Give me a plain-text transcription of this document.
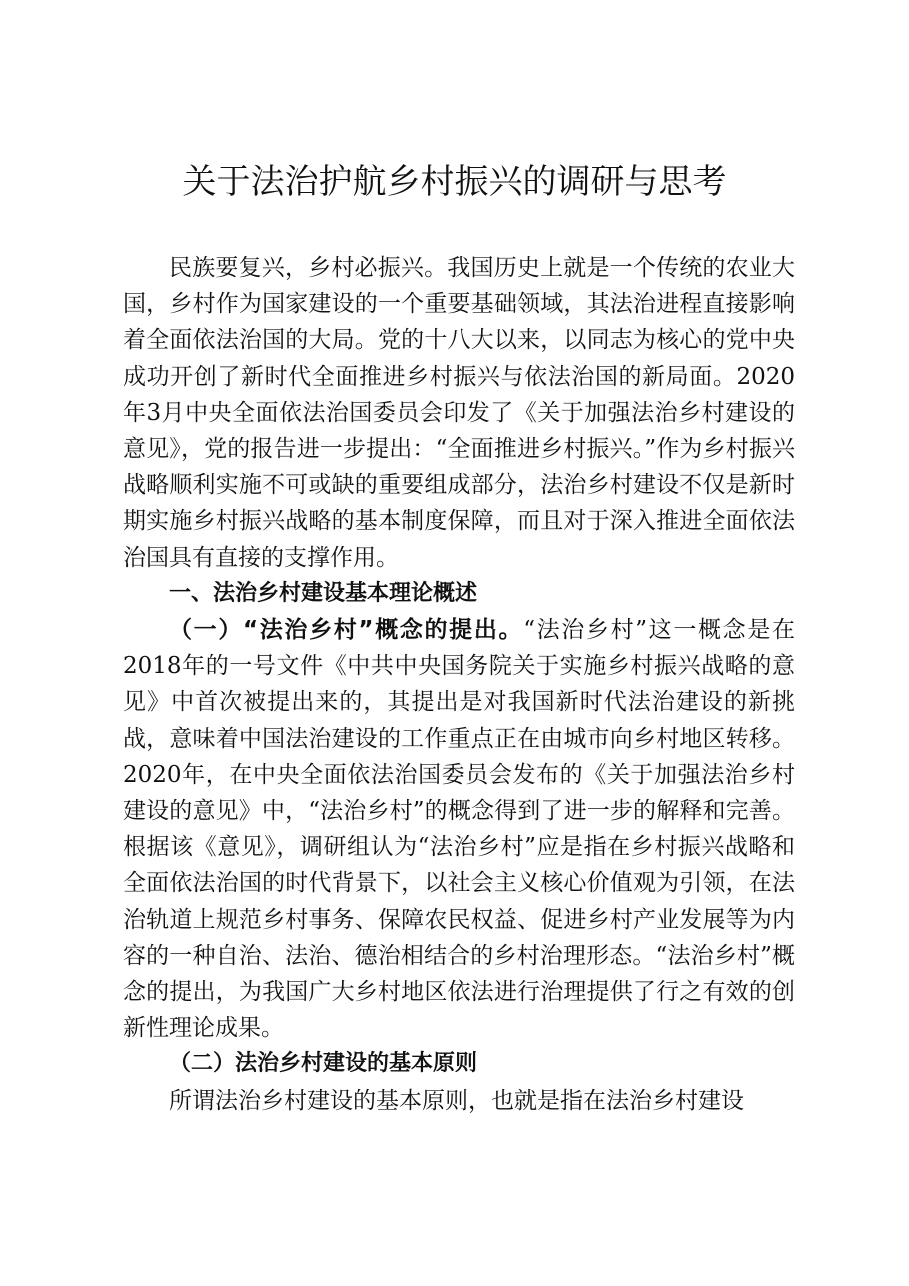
关于法治护航乡村振兴的调研与思考

民族要复兴，乡村必振兴。我国历史上就是一个传统的农业大国，乡村作为国家建设的一个重要基础领域，其法治进程直接影响着全面依法治国的大局。党的十八大以来，以同志为核心的党中央成功开创了新时代全面推进乡村振兴与依法治国的新局面。2020年3月中央全面依法治国委员会印发了《关于加强法治乡村建设的意见》，党的报告进一步提出：“全面推进乡村振兴。”作为乡村振兴战略顺利实施不可或缺的重要组成部分，法治乡村建设不仅是新时期实施乡村振兴战略的基本制度保障，而且对于深入推进全面依法治国具有直接的支撑作用。

一、法治乡村建设基本理论概述

（一）“法治乡村”概念的提出。“法治乡村”这一概念是在2018年的一号文件《中共中央国务院关于实施乡村振兴战略的意见》中首次被提出来的，其提出是对我国新时代法治建设的新挑战，意味着中国法治建设的工作重点正在由城市向乡村地区转移。2020年，在中央全面依法治国委员会发布的《关于加强法治乡村建设的意见》中，“法治乡村”的概念得到了进一步的解释和完善。根据该《意见》，调研组认为“法治乡村”应是指在乡村振兴战略和全面依法治国的时代背景下，以社会主义核心价值观为引领，在法治轨道上规范乡村事务、保障农民权益、促进乡村产业发展等为内容的一种自治、法治、德治相结合的乡村治理形态。“法治乡村”概念的提出，为我国广大乡村地区依法进行治理提供了行之有效的创新性理论成果。

（二）法治乡村建设的基本原则

所谓法治乡村建设的基本原则，也就是指在法治乡村建设
